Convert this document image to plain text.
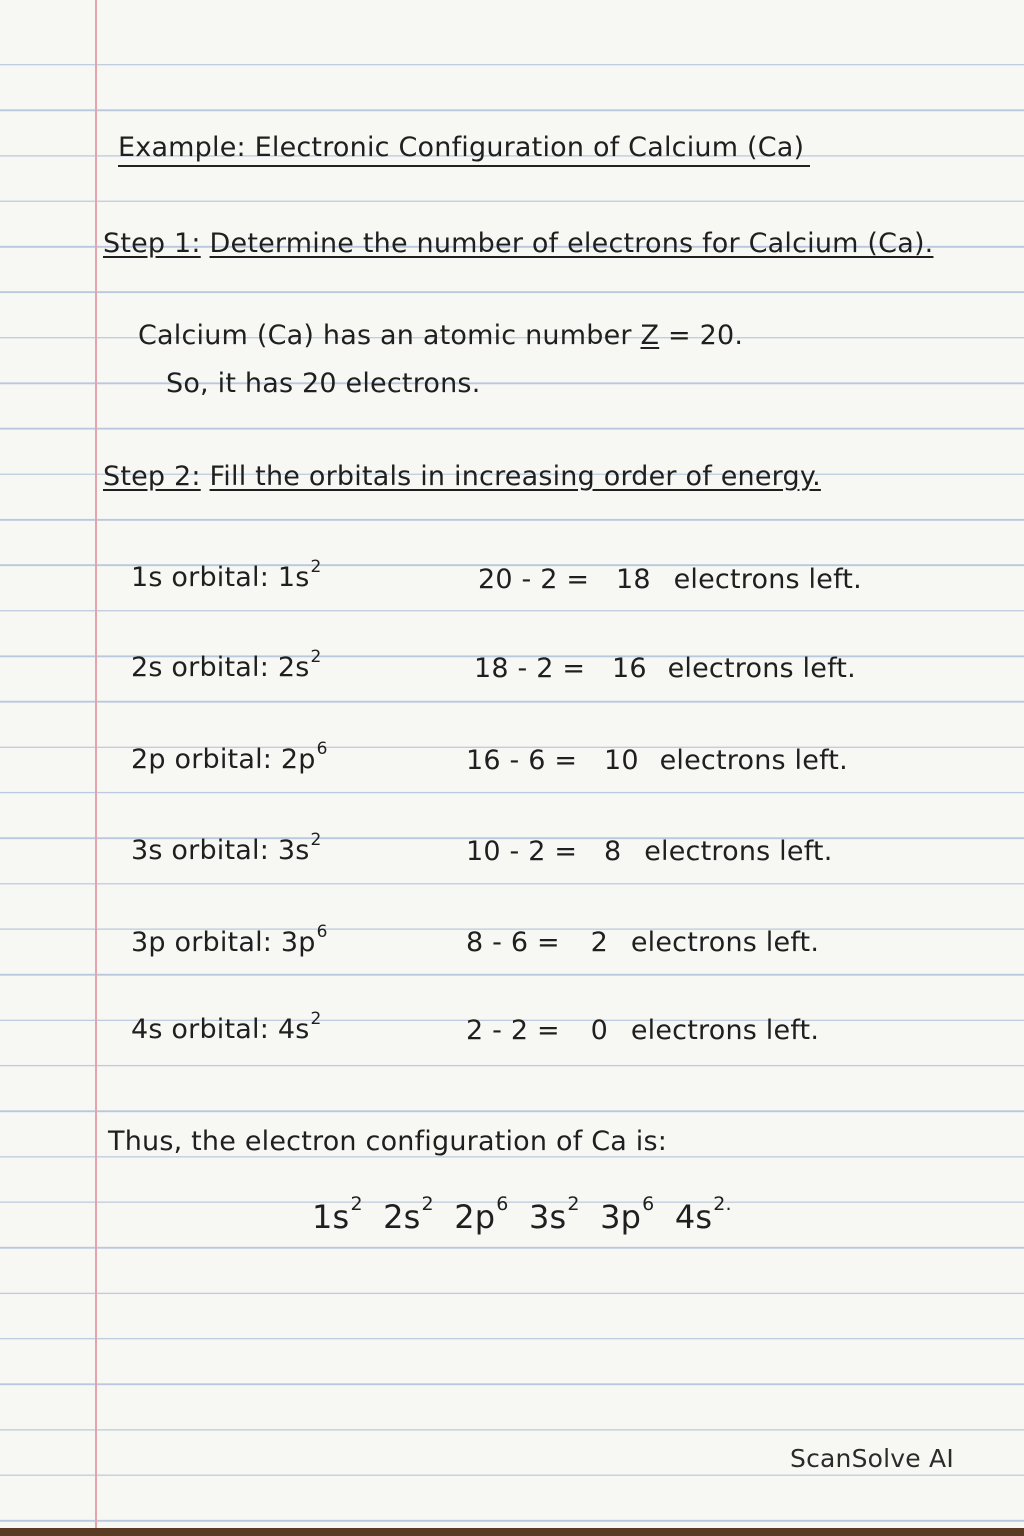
Example: Electronic Configuration of Calcium (Ca)
Step 1: Determine the number of electrons for Calcium (Ca).
Calcium (Ca) has an atomic number Z = 20.
So, it has 20 electrons.
Step 2: Fill the orbitals in increasing order of energy.
1s orbital: $1s^2$	20 - 2 = 18 electrons left.
2s orbital: $2s^2$	18 - 2 = 16 electrons left.
2p orbital: $2p^6$	16 - 6 = 10 electrons left.
3s orbital: $3s^2$	10 - 2 = 8 electrons left.
3p orbital: $3p^6$	8 - 6 = 2 electrons left.
4s orbital: $4s^2$	2 - 2 = 0 electrons left.
Thus, the electron configuration of Ca is:
$1s^2$ $2s^2$ $2p^6$ $3s^2$ $3p^6$ $4s^{2.}$
ScanSolve AI
